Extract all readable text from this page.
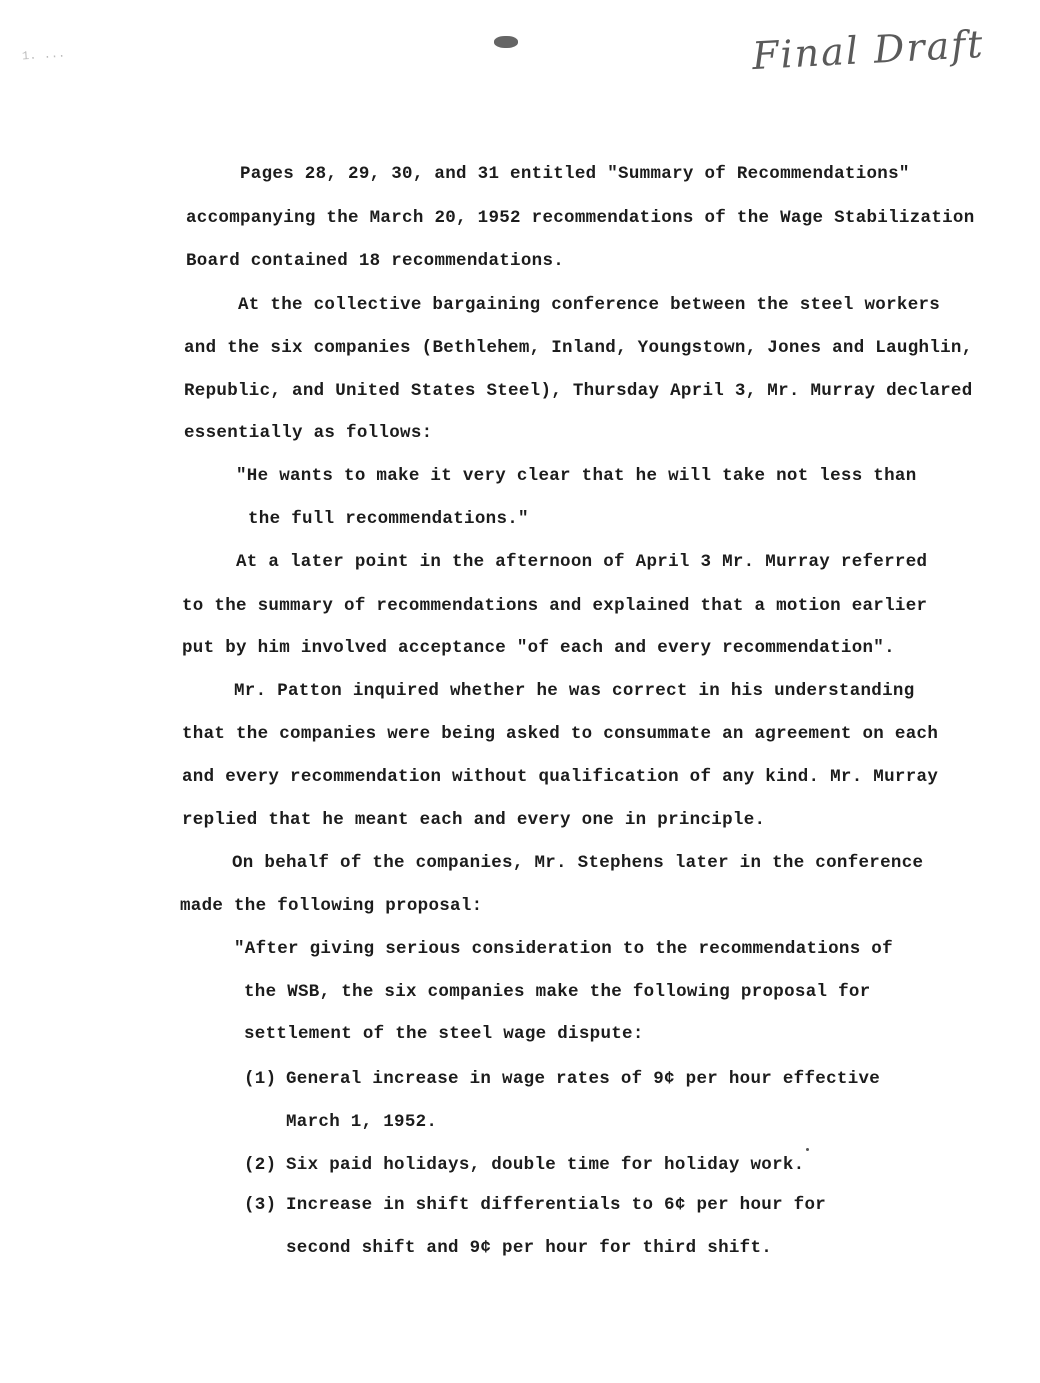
1. ...	Final Draft

Pages 28, 29, 30, and 31 entitled "Summary of Recommendations"

accompanying the March 20, 1952 recommendations of the Wage Stabilization

Board contained 18 recommendations.

At the collective bargaining conference between the steel workers

and the six companies (Bethlehem, Inland, Youngstown, Jones and Laughlin,

Republic, and United States Steel), Thursday April 3, Mr. Murray declared

essentially as follows:

"He wants to make it very clear that he will take not less than

the full recommendations."

At a later point in the afternoon of April 3 Mr. Murray referred

to the summary of recommendations and explained that a motion earlier

put by him involved acceptance "of each and every recommendation".

Mr. Patton inquired whether he was correct in his understanding

that the companies were being asked to consummate an agreement on each

and every recommendation without qualification of any kind. Mr. Murray

replied that he meant each and every one in principle.

On behalf of the companies, Mr. Stephens later in the conference

made the following proposal:

"After giving serious consideration to the recommendations of

the WSB, the six companies make the following proposal for

settlement of the steel wage dispute:

(1) General increase in wage rates of 9¢ per hour effective

March 1, 1952.

(2) Six paid holidays, double time for holiday work.

(3) Increase in shift differentials to 6¢ per hour for

second shift and 9¢ per hour for third shift.
